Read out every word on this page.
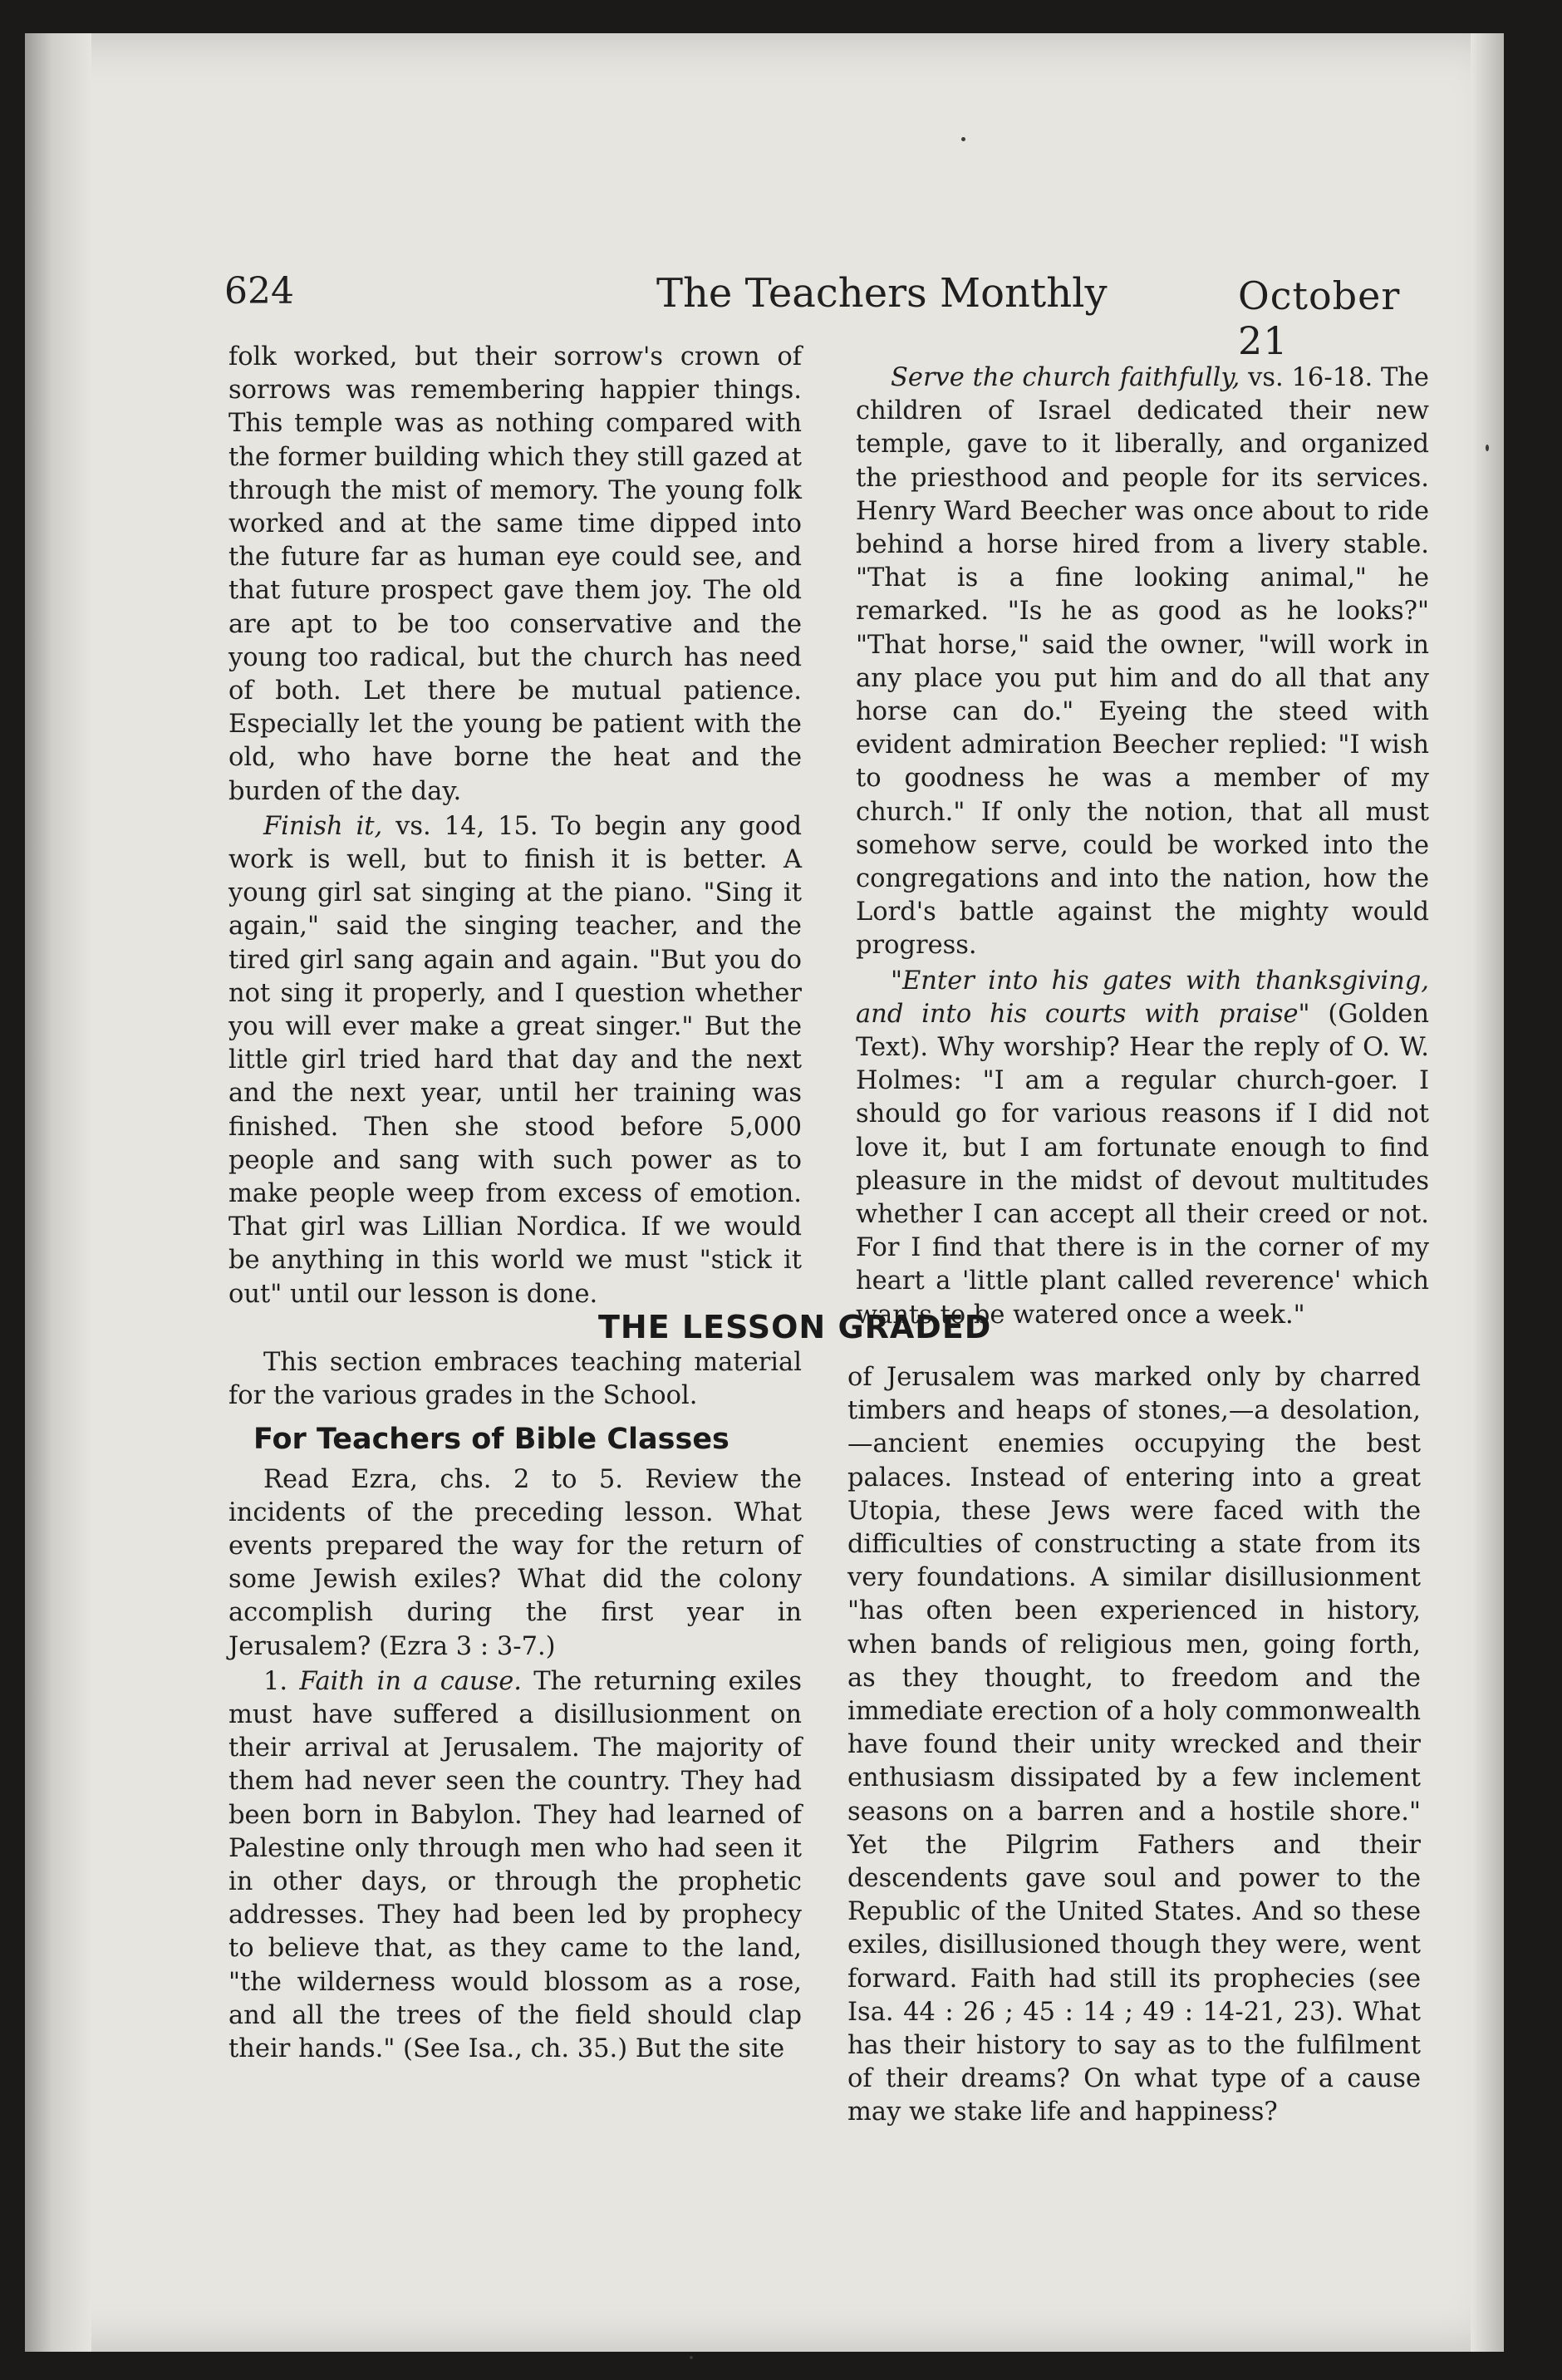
624	The Teachers Monthly	October 21

folk worked, but their sorrow's crown of sorrows was remembering happier things. This temple was as nothing compared with the former building which they still gazed at through the mist of memory. The young folk worked and at the same time dipped into the future far as human eye could see, and that future prospect gave them joy. The old are apt to be too conservative and the young too radical, but the church has need of both. Let there be mutual patience. Especially let the young be patient with the old, who have borne the heat and the burden of the day.

Finish it, vs. 14, 15. To begin any good work is well, but to finish it is better. A young girl sat singing at the piano. "Sing it again," said the singing teacher, and the tired girl sang again and again. "But you do not sing it properly, and I question whether you will ever make a great singer." But the little girl tried hard that day and the next and the next year, until her training was finished. Then she stood before 5,000 people and sang with such power as to make people weep from excess of emotion. That girl was Lillian Nordica. If we would be anything in this world we must "stick it out" until our lesson is done.

Serve the church faithfully, vs. 16-18. The children of Israel dedicated their new temple, gave to it liberally, and organized the priesthood and people for its services. Henry Ward Beecher was once about to ride behind a horse hired from a livery stable. "That is a fine looking animal," he remarked. "Is he as good as he looks?" "That horse," said the owner, "will work in any place you put him and do all that any horse can do." Eyeing the steed with evident admiration Beecher replied: "I wish to goodness he was a member of my church." If only the notion, that all must somehow serve, could be worked into the congregations and into the nation, how the Lord's battle against the mighty would progress.

"Enter into his gates with thanksgiving, and into his courts with praise" (Golden Text). Why worship? Hear the reply of O. W. Holmes: "I am a regular church-goer. I should go for various reasons if I did not love it, but I am fortunate enough to find pleasure in the midst of devout multitudes whether I can accept all their creed or not. For I find that there is in the corner of my heart a 'little plant called reverence' which wants to be watered once a week."

THE LESSON GRADED

This section embraces teaching material for the various grades in the School.

For Teachers of Bible Classes

Read Ezra, chs. 2 to 5. Review the incidents of the preceding lesson. What events prepared the way for the return of some Jewish exiles? What did the colony accomplish during the first year in Jerusalem? (Ezra 3 : 3-7.)

1. Faith in a cause. The returning exiles must have suffered a disillusionment on their arrival at Jerusalem. The majority of them had never seen the country. They had been born in Babylon. They had learned of Palestine only through men who had seen it in other days, or through the prophetic addresses. They had been led by prophecy to believe that, as they came to the land, "the wilderness would blossom as a rose, and all the trees of the field should clap their hands." (See Isa., ch. 35.) But the site

of Jerusalem was marked only by charred timbers and heaps of stones,—a desolation,—ancient enemies occupying the best palaces. Instead of entering into a great Utopia, these Jews were faced with the difficulties of constructing a state from its very foundations. A similar disillusionment "has often been experienced in history, when bands of religious men, going forth, as they thought, to freedom and the immediate erection of a holy commonwealth have found their unity wrecked and their enthusiasm dissipated by a few inclement seasons on a barren and a hostile shore." Yet the Pilgrim Fathers and their descendents gave soul and power to the Republic of the United States. And so these exiles, disillusioned though they were, went forward. Faith had still its prophecies (see Isa. 44 : 26 ; 45 : 14 ; 49 : 14-21, 23). What has their history to say as to the fulfilment of their dreams? On what type of a cause may we stake life and happiness?
